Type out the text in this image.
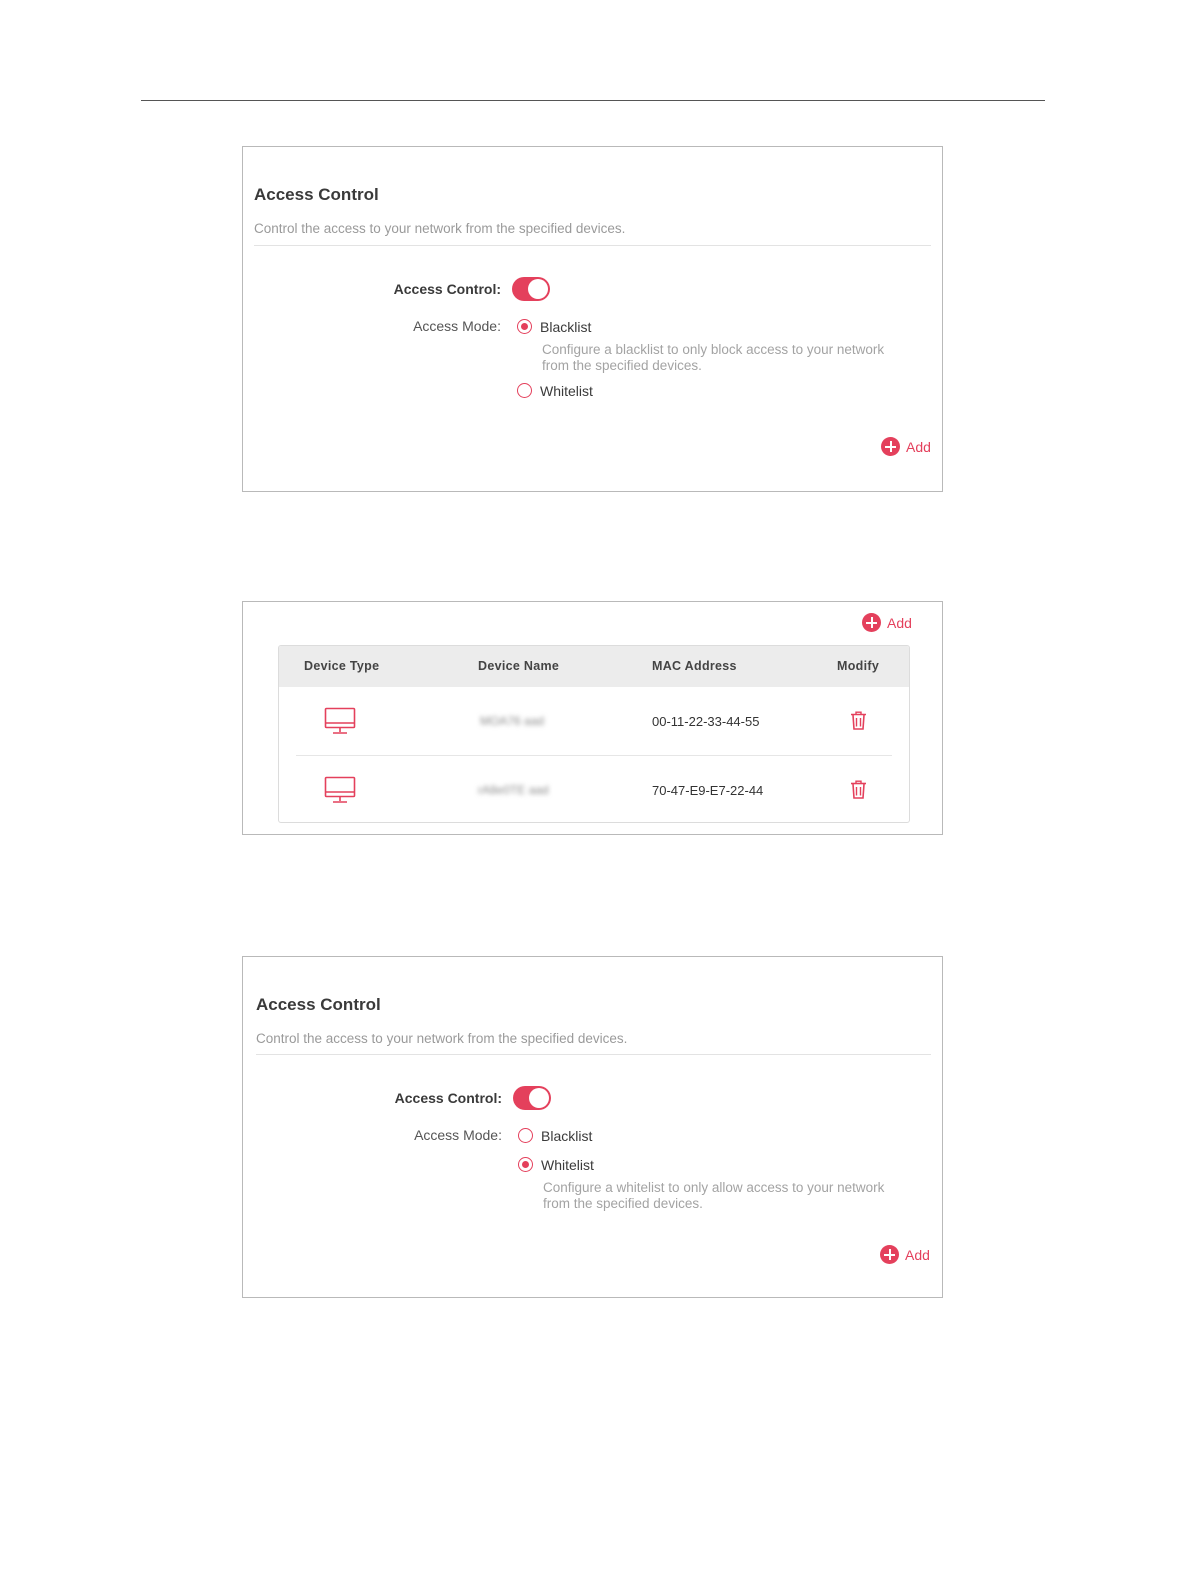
Access Control
Control the access to your network from the specified devices.
Access Control:
Access Mode:	Blacklist
Configure a blacklist to only block access to your network from the specified devices.
Whitelist
Add
Add
Device Type	Device Name	MAC Address	Modify
MOA76 aad	00-11-22-33-44-55
rA8e0TE aad	70-47-E9-E7-22-44
Access Control
Control the access to your network from the specified devices.
Access Control:
Access Mode:	Blacklist
Whitelist
Configure a whitelist to only allow access to your network from the specified devices.
Add
